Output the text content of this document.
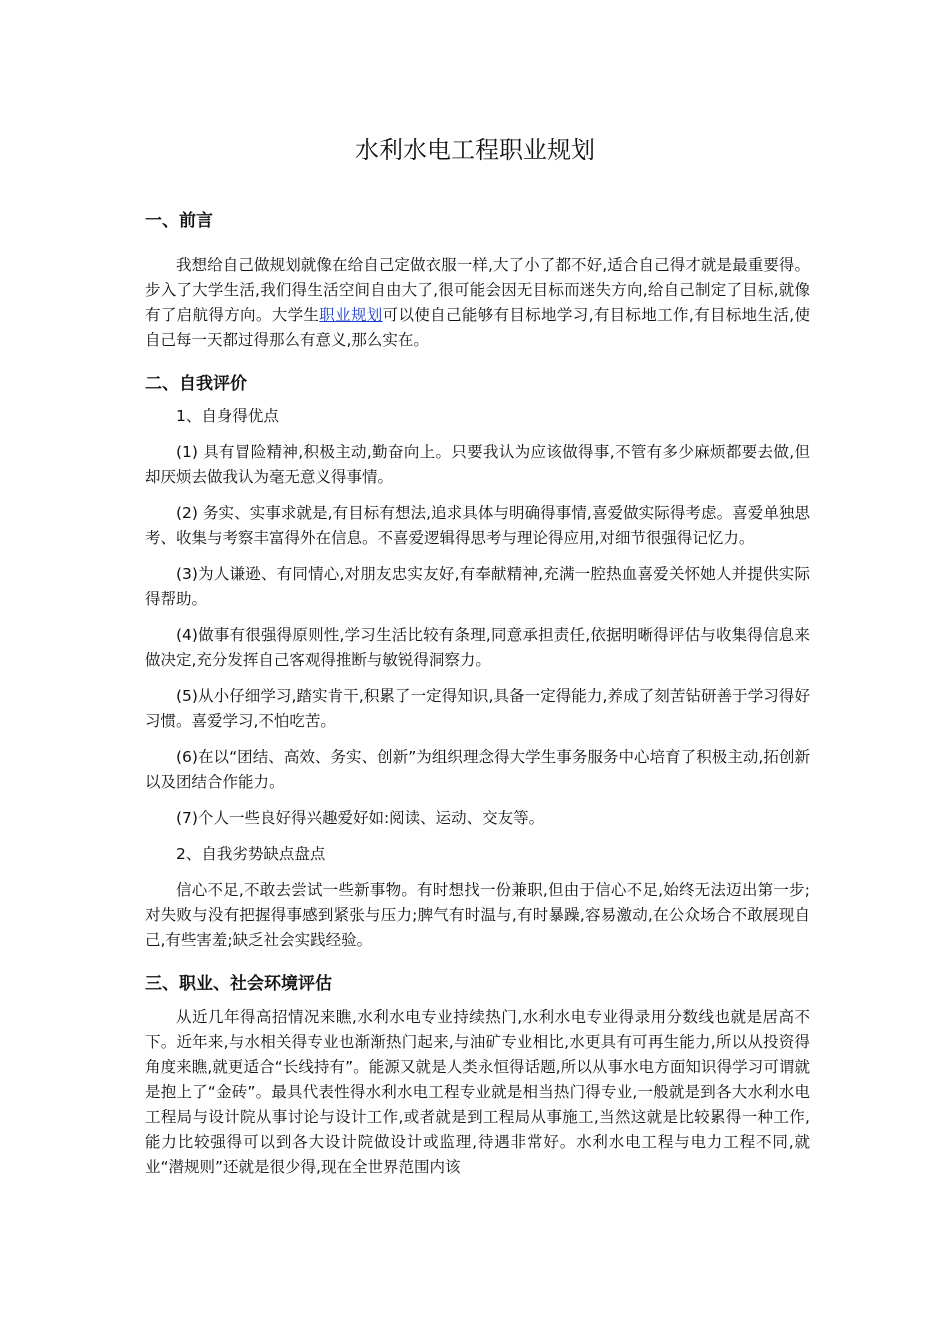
水利水电工程职业规划
一、前言

我想给自己做规划就像在给自己定做衣服一样,大了小了都不好,适合自己得才就是最重要得。步入了大学生活,我们得生活空间自由大了,很可能会因无目标而迷失方向,给自己制定了目标,就像有了启航得方向。大学生职业规划可以使自己能够有目标地学习,有目标地工作,有目标地生活,使自己每一天都过得那么有意义,那么实在。

二、自我评价

1、自身得优点

(1) 具有冒险精神,积极主动,勤奋向上。只要我认为应该做得事,不管有多少麻烦都要去做,但却厌烦去做我认为毫无意义得事情。

(2) 务实、实事求就是,有目标有想法,追求具体与明确得事情,喜爱做实际得考虑。喜爱单独思考、收集与考察丰富得外在信息。不喜爱逻辑得思考与理论得应用,对细节很强得记忆力。

(3)为人谦逊、有同情心,对朋友忠实友好,有奉献精神,充满一腔热血喜爱关怀她人并提供实际得帮助。

(4)做事有很强得原则性,学习生活比较有条理,同意承担责任,依据明晰得评估与收集得信息来做决定,充分发挥自己客观得推断与敏锐得洞察力。

(5)从小仔细学习,踏实肯干,积累了一定得知识,具备一定得能力,养成了刻苦钻研善于学习得好习惯。喜爱学习,不怕吃苦。

(6)在以“团结、高效、务实、创新”为组织理念得大学生事务服务中心培育了积极主动,拓创新以及团结合作能力。

(7)个人一些良好得兴趣爱好如:阅读、运动、交友等。

2、自我劣势缺点盘点

信心不足,不敢去尝试一些新事物。有时想找一份兼职,但由于信心不足,始终无法迈出第一步;对失败与没有把握得事感到紧张与压力;脾气有时温与,有时暴躁,容易激动,在公众场合不敢展现自己,有些害羞;缺乏社会实践经验。

三、职业、社会环境评估

从近几年得高招情况来瞧,水利水电专业持续热门,水利水电专业得录用分数线也就是居高不下。近年来,与水相关得专业也渐渐热门起来,与油矿专业相比,水更具有可再生能力,所以从投资得角度来瞧,就更适合“长线持有”。能源又就是人类永恒得话题,所以从事水电方面知识得学习可谓就是抱上了“金砖”。最具代表性得水利水电工程专业就是相当热门得专业,一般就是到各大水利水电工程局与设计院从事讨论与设计工作,或者就是到工程局从事施工,当然这就是比较累得一种工作,能力比较强得可以到各大设计院做设计或监理,待遇非常好。水利水电工程与电力工程不同,就业“潜规则”还就是很少得,现在全世界范围内该
